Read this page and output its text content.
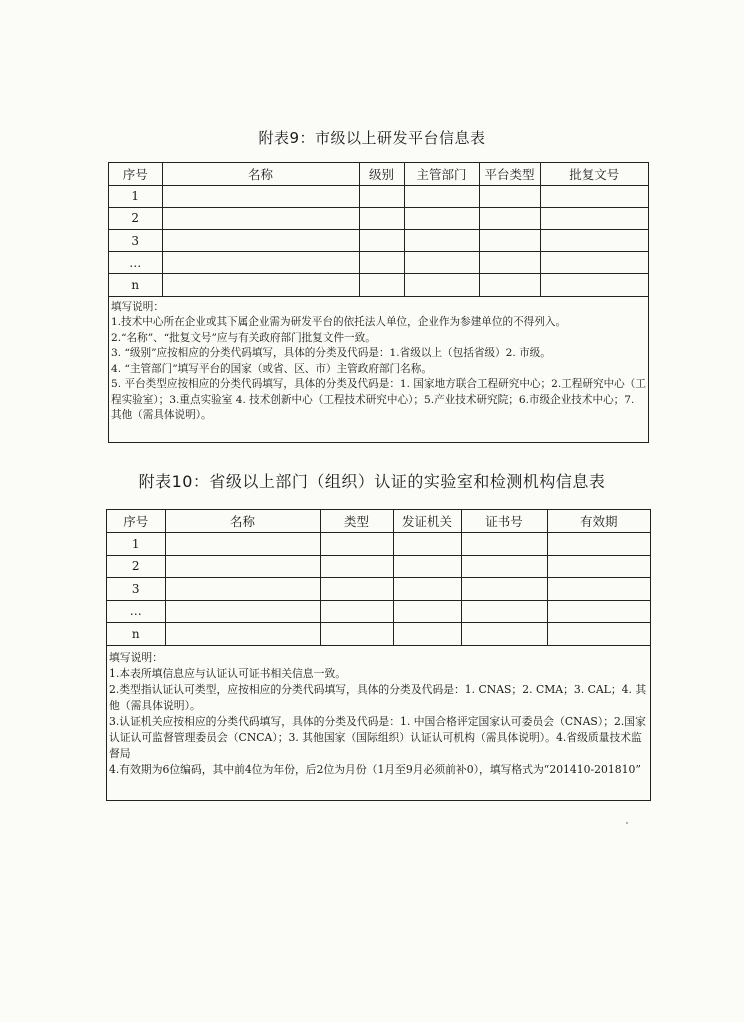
附表9：市级以上研发平台信息表
序号	名称	级别	主管部门	平台类型	批复文号
1					
2					
3					
…					
n					

填写说明：

1.技术中心所在企业或其下属企业需为研发平台的依托法人单位，企业作为参建单位的不得列入。

2.“名称”、“批复文号”应与有关政府部门批复文件一致。

3. “级别”应按相应的分类代码填写，具体的分类及代码是：1.省级以上（包括省级）2. 市级。

4. “主管部门”填写平台的国家（或省、区、市）主管政府部门名称。

5. 平台类型应按相应的分类代码填写，具体的分类及代码是：1. 国家地方联合工程研究中心；2.工程研究中心（工程实验室）；3.重点实验室 4. 技术创新中心（工程技术研究中心）；5.产业技术研究院；6.市级企业技术中心；7. 其他（需具体说明）。

附表10：省级以上部门（组织）认证的实验室和检测机构信息表
序号	名称	类型	发证机关	证书号	有效期
1					
2					
3					
…					
n					

填写说明：

1.本表所填信息应与认证认可证书相关信息一致。

2.类型指认证认可类型，应按相应的分类代码填写，具体的分类及代码是：1. CNAS；2. CMA；3. CAL；4. 其他（需具体说明）。

3.认证机关应按相应的分类代码填写，具体的分类及代码是：1. 中国合格评定国家认可委员会（CNAS）；2.国家认证认可监督管理委员会（CNCA）；3. 其他国家（国际组织）认证认可机构（需具体说明）。4.省级质量技术监督局

4.有效期为6位编码，其中前4位为年份，后2位为月份（1月至9月必须前补0），填写格式为“201410-201810”
